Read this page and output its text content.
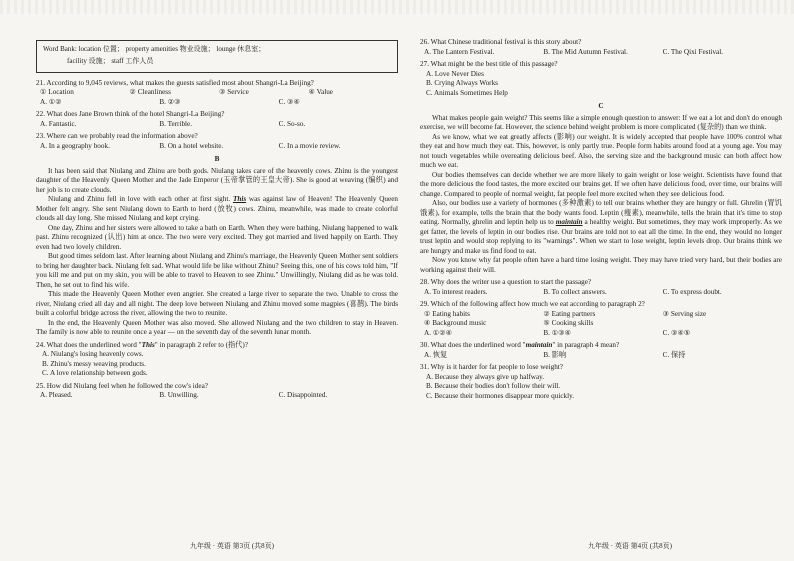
Word Bank: location 位置； property amenities 物业设施； lounge 休息室；
facility 设施； staff 工作人员
21. According to 9,045 reviews, what makes the guests satisfied most about Shangri-La Beijing?
① Location	② Cleanliness	③ Service	④ Value
A. ①②	B. ②③	C. ③④
22. What does Jane Brown think of the hotel Shangri-La Beijing?
A. Fantastic.	B. Terrible.	C. So-so.
23. Where can we probably read the information above?
A. In a geography book.	B. On a hotel website.	C. In a movie review.
B
It has been said that Niulang and Zhinu are both gods. Niulang takes care of the heavenly cows. Zhinu is the youngest daughter of the Heavenly Queen Mother and the Jade Emperor (玉帝掌管的王皇大帝). She is good at weaving (编织) and her job is to create clouds.
Niulang and Zhinu fell in love with each other at first sight. This was against law of Heaven! The Heavenly Queen Mother felt angry. She sent Niulang down to Earth to herd (放牧) cows. Zhinu, meanwhile, was made to create colorful clouds all day long. She missed Niulang and kept crying.
One day, Zhinu and her sisters were allowed to take a bath on Earth. When they were bathing, Niulang happened to walk past. Zhinu recognized (认出) him at once. The two were very excited. They got married and lived happily on Earth. They even had two lovely children.
But good times seldom last. After learning about Niulang and Zhinu's marriage, the Heavenly Queen Mother sent soldiers to bring her daughter back. Niulang felt sad. What would life be like without Zhinu? Seeing this, one of his cows told him, "If you kill me and put on my skin, you will be able to travel to Heaven to see Zhinu." Unwillingly, Niulang did as he was told. Then, he set out to find his wife.
This made the Heavenly Queen Mother even angrier. She created a large river to separate the two. Unable to cross the river, Niulang cried all day and all night. The deep love between Niulang and Zhinu moved some magpies (喜鹊). The birds built a colorful bridge across the river, allowing the two to reunite.
In the end, the Heavenly Queen Mother was also moved. She allowed Niulang and the two children to stay in Heaven. The family is now able to reunite once a year — on the seventh day of the seventh lunar month.
24. What does the underlined word "This" in paragraph 2 refer to (指代)?
A. Niulang's losing heavenly cows.
B. Zhinu's messy weaving products.
C. A love relationship between gods.
25. How did Niulang feel when he followed the cow's idea?
A. Pleased.	B. Unwilling.	C. Disappointed.
26. What Chinese traditional festival is this story about?
A. The Lantern Festival.	B. The Mid Autumn Festival.	C. The Qixi Festival.
27. What might be the best title of this passage?
A. Love Never Dies
B. Crying Always Works
C. Animals Sometimes Help
C
What makes people gain weight? This seems like a simple enough question to answer: If we eat a lot and don't do enough exercise, we will become fat. However, the science behind weight problem is more complicated (复杂的) than we think.
As we know, what we eat greatly affects (影响) our weight. It is widely accepted that people have 100% control what they eat and how much they eat. This, however, is only partly true. People form habits around food at a young age. You may not touch vegetables while overeating delicious beef. Also, the serving size and the background music can both affect how much we eat.
Our bodies themselves can decide whether we are more likely to gain weight or lose weight. Scientists have found that the more delicious the food tastes, the more excited our brains get. If we often have delicious food, over time, our brains will change. Compared to people of normal weight, fat people feel more excited when they see delicious food.
Also, our bodies use a variety of hormones (多种激素) to tell our brains whether they are hungry or full. Ghrelin (胃饥饿素), for example, tells the brain that the body wants food. Leptin (瘦素), meanwhile, tells the brain that it's time to stop eating. Normally, ghrelin and leptin help us to maintain a healthy weight. But sometimes, they may work improperly. As we get fatter, the levels of leptin in our bodies rise. Our brains are told not to eat all the time. In the end, they would no longer trust leptin and would stop replying to its "warnings". When we start to lose weight, leptin levels drop. Our brains think we are hungry and make us find food to eat.
Now you know why fat people often have a hard time losing weight. They may have tried very hard, but their bodies are working against their will.
28. Why does the writer use a question to start the passage?
A. To interest readers.	B. To collect answers.	C. To express doubt.
29. Which of the following affect how much we eat according to paragraph 2?
① Eating habits	② Eating partners	③ Serving size
④ Background music	⑤ Cooking skills
A. ①②④	B. ①③④	C. ③④⑤
30. What does the underlined word "maintain" in paragraph 4 mean?
A. 恢复	B. 影响	C. 保持
31. Why is it harder for fat people to lose weight?
A. Because they always give up halfway.
B. Because their bodies don't follow their will.
C. Because their hormones disappear more quickly.
九年级 · 英语 第3页 (共8页)	九年级 · 英语 第4页 (共8页)
